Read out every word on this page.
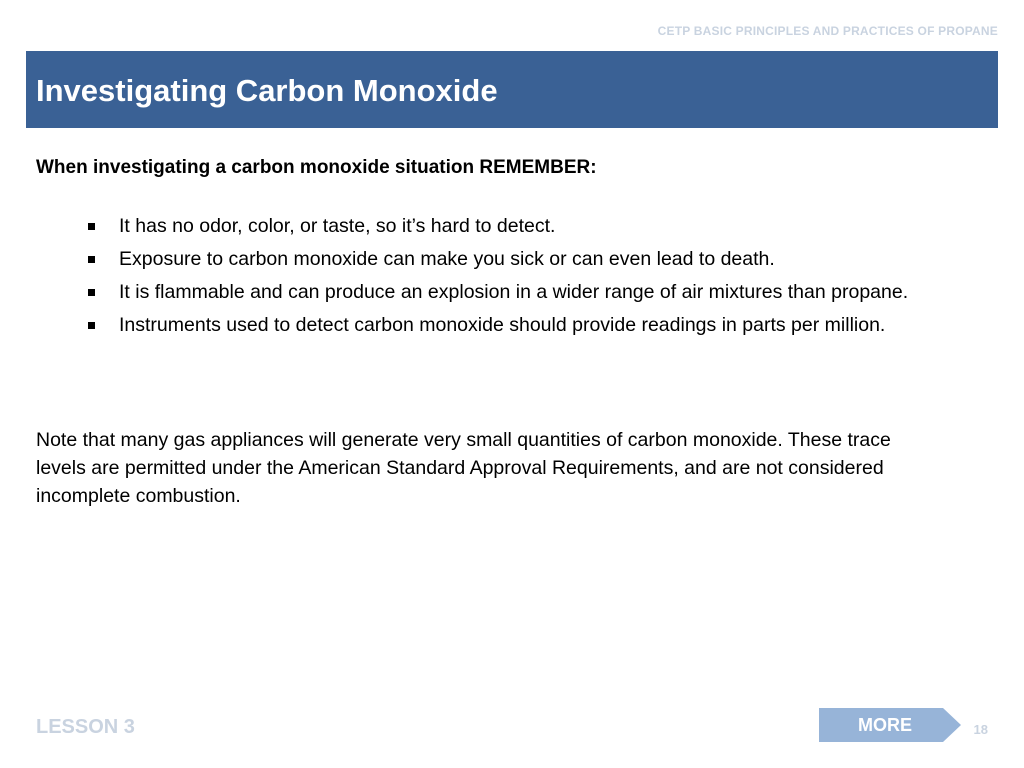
CETP BASIC PRINCIPLES AND PRACTICES OF PROPANE
Investigating Carbon Monoxide
When investigating a carbon monoxide situation REMEMBER:
It has no odor, color, or taste, so it’s hard to detect.
Exposure to carbon monoxide can make you sick or can even lead to death.
It is flammable and can produce an explosion in a wider range of air mixtures than propane.
Instruments used to detect carbon monoxide should provide readings in parts per million.

Note that many gas appliances will generate very small quantities of carbon monoxide. These trace levels are permitted under the American Standard Approval Requirements, and are not considered incomplete combustion.

LESSON 3	MORE	18
